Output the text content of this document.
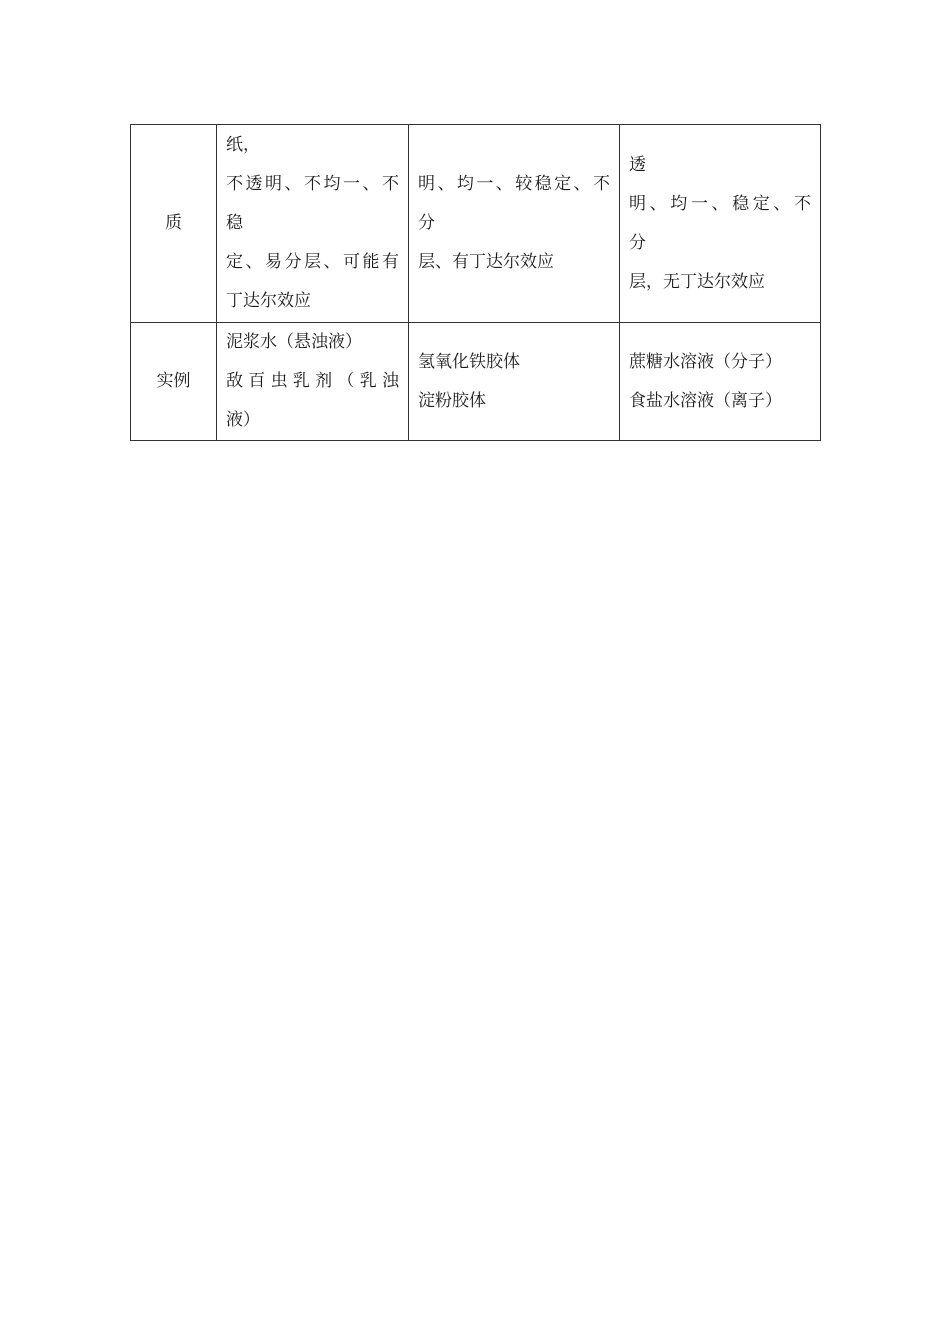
质	纸，
不透明、不均一、不
稳
定、易分层、可能有
丁达尔效应	明、均一、较稳定、不
分
层、有丁达尔效应	透
明、均一、稳定、不
分
层，无丁达尔效应

实例	泥浆水（悬浊液）
敌百虫乳剂（乳浊
液）	氢氧化铁胶体
淀粉胶体	蔗糖水溶液（分子）
食盐水溶液（离子）
